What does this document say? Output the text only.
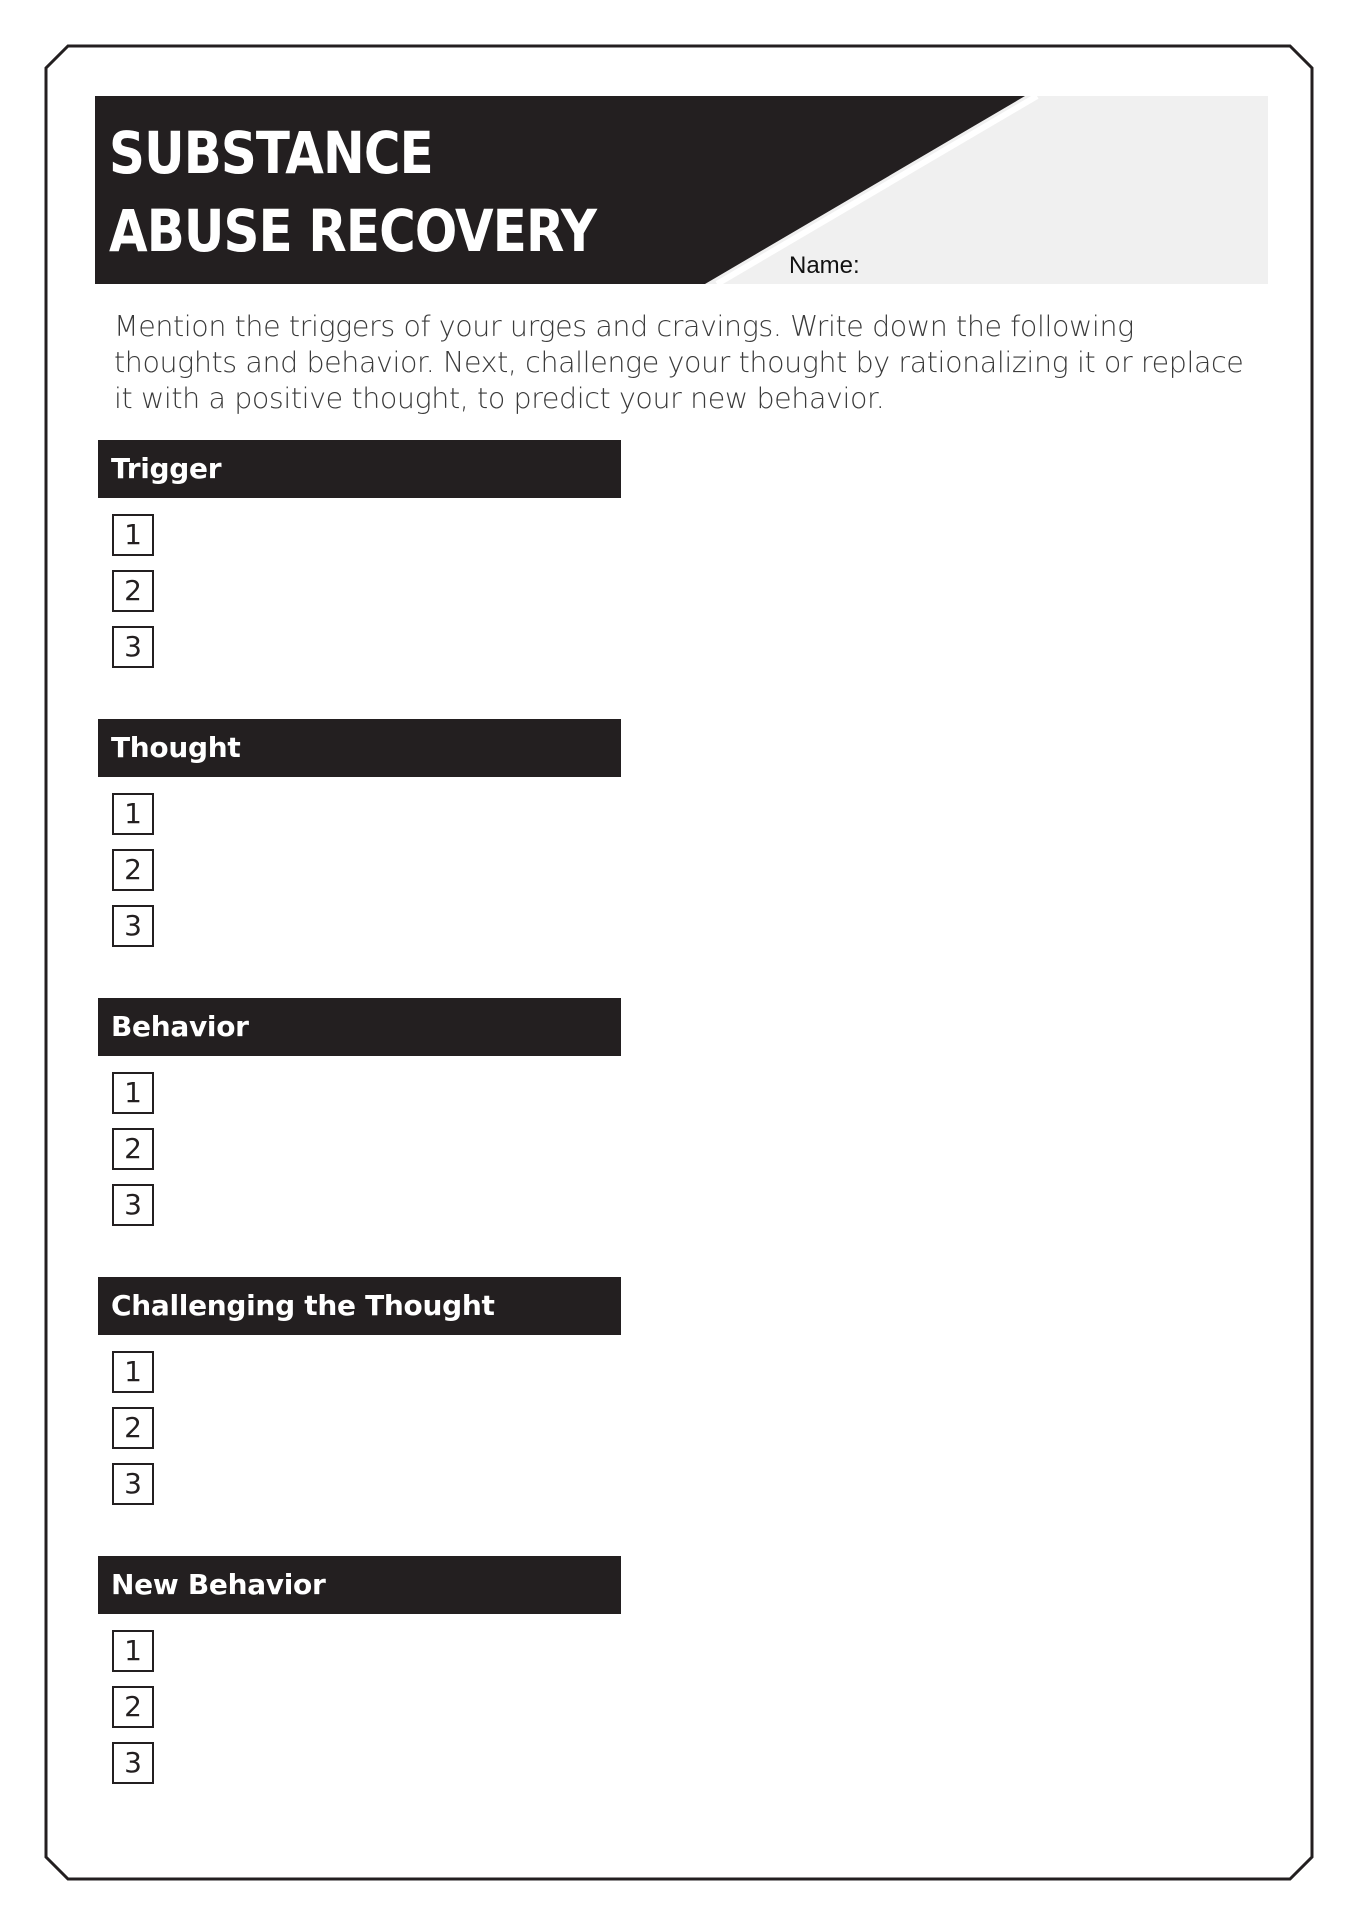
SUBSTANCE
ABUSE RECOVERY
Name:

Mention the triggers of your urges and cravings. Write down the following thoughts and behavior. Next, challenge your thought by rationalizing it or replace it with a positive thought, to predict your new behavior.

Trigger
1
2
3
Thought
1
2
3
Behavior
1
2
3
Challenging the Thought
1
2
3
New Behavior
1
2
3
